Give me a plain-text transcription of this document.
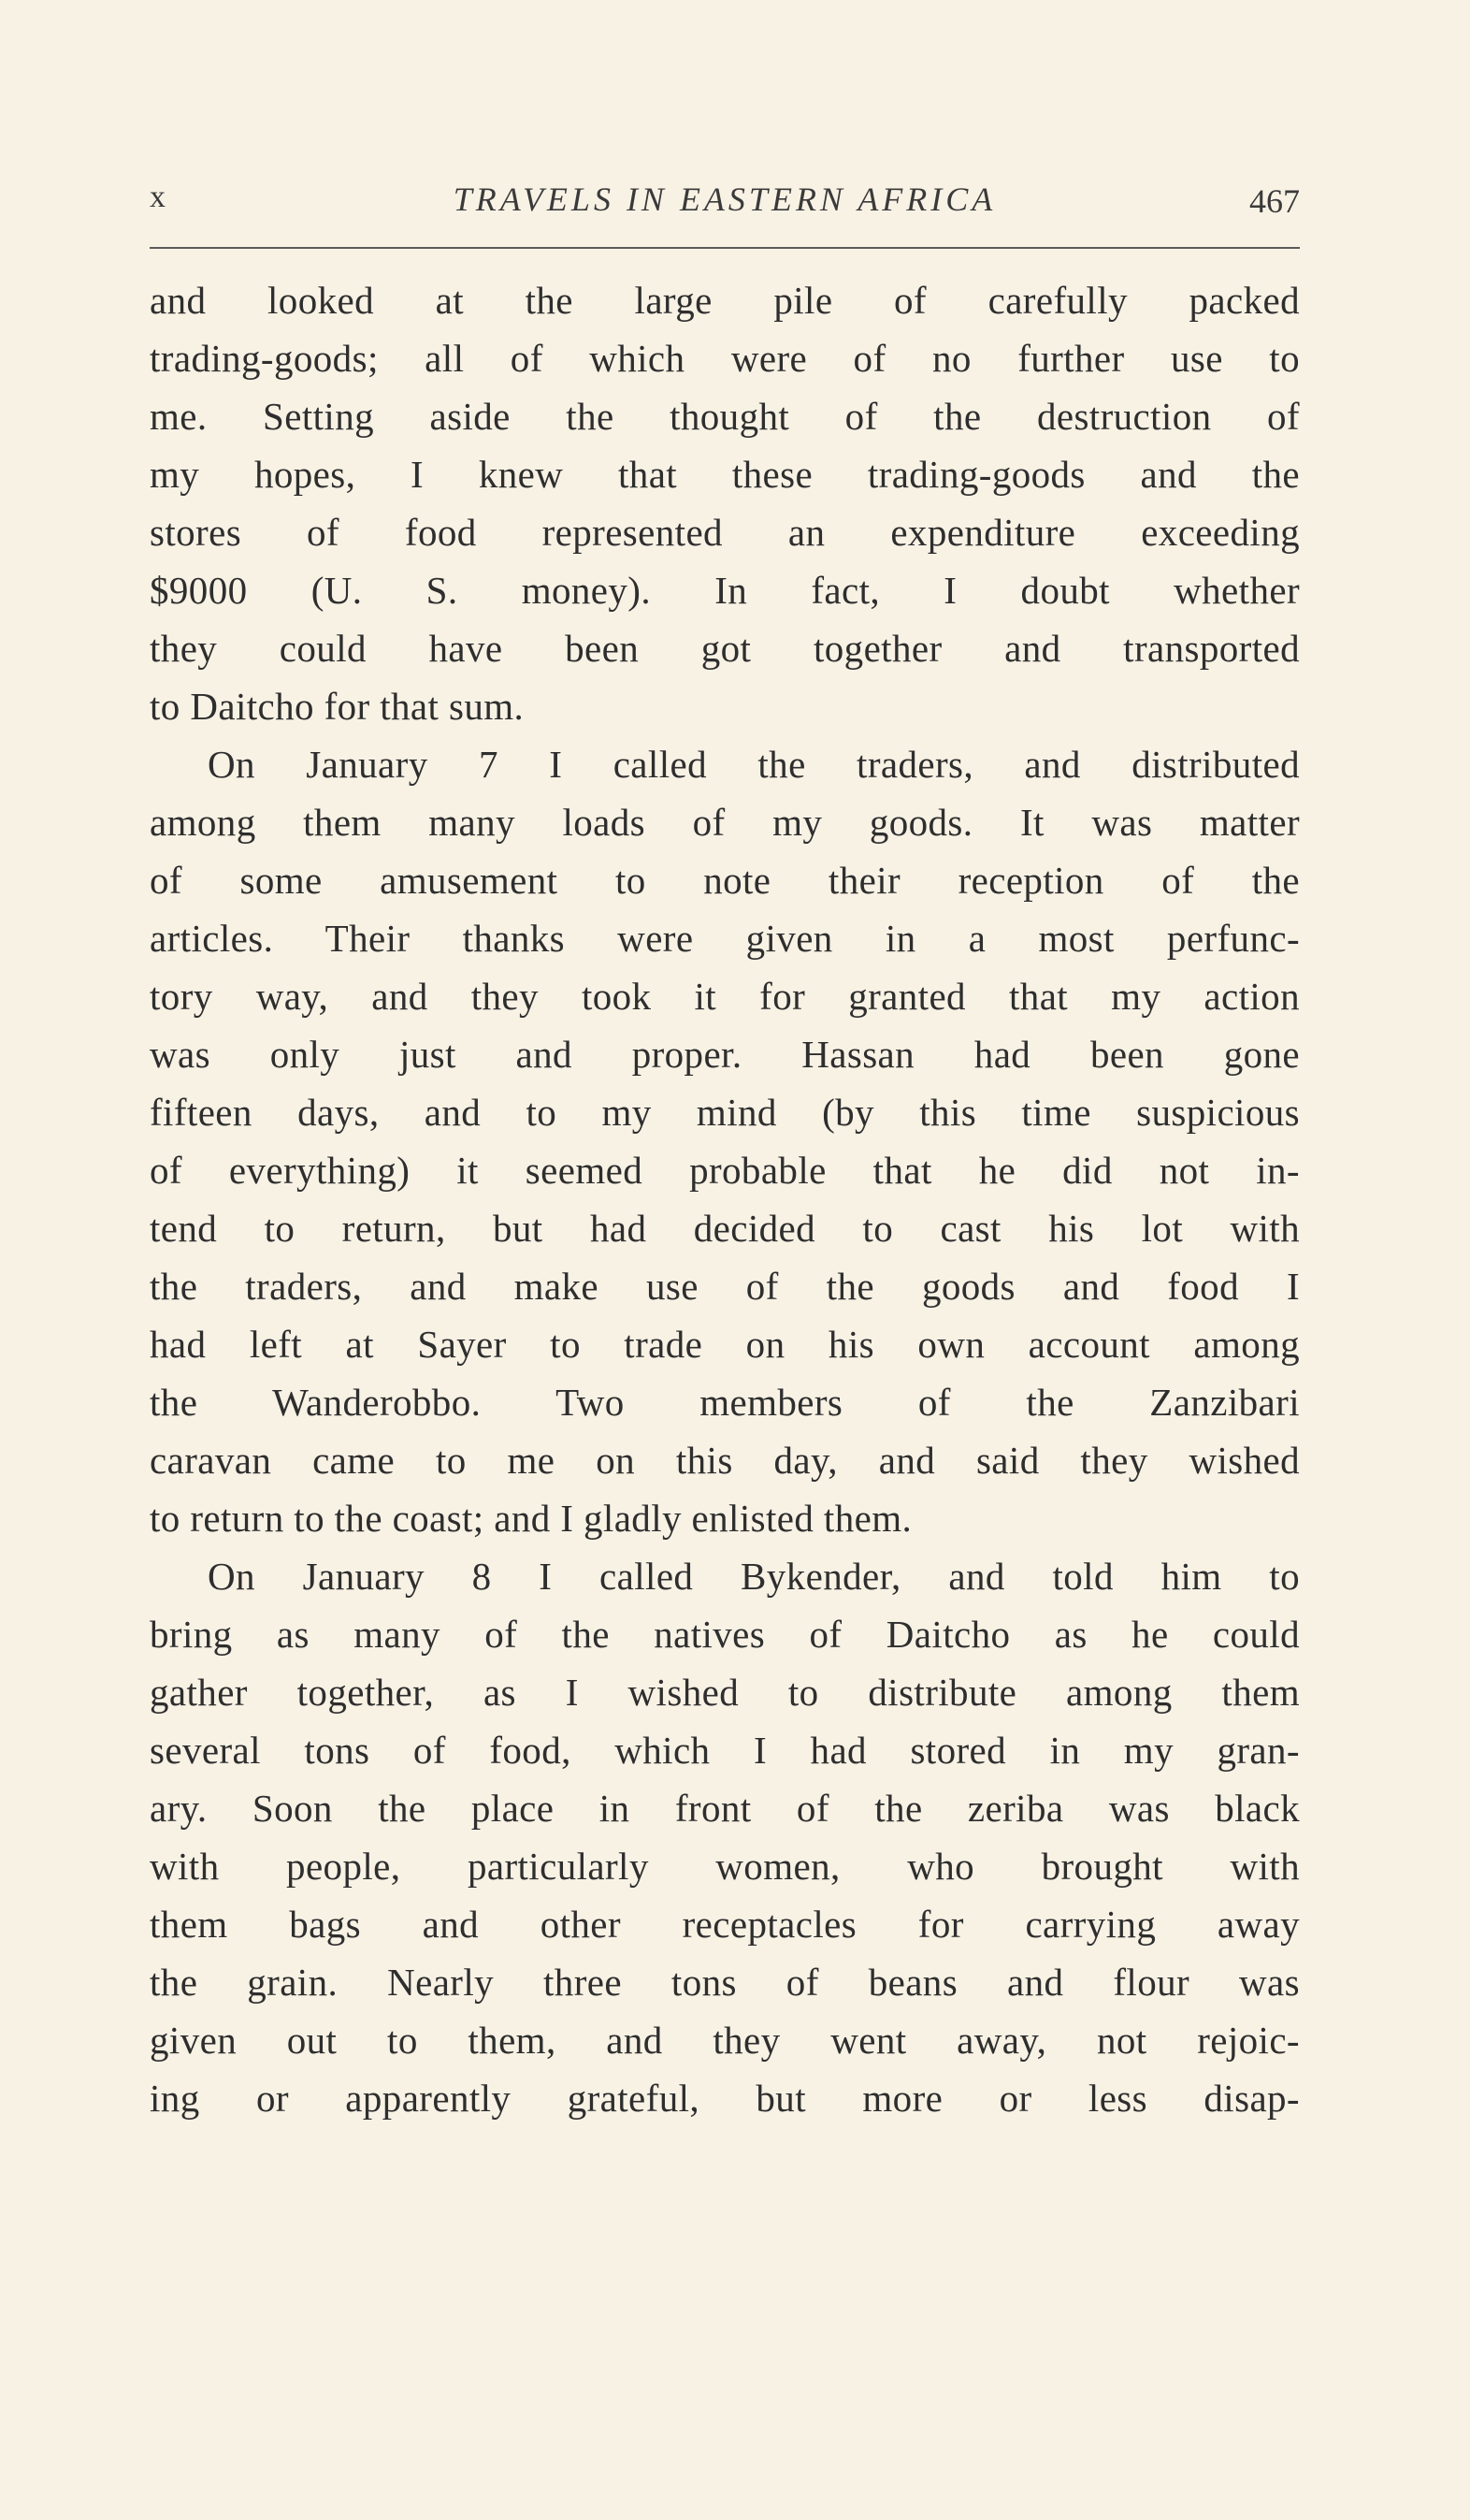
x	TRAVELS IN EASTERN AFRICA	467
and looked at the large pile of carefully packed
trading-goods; all of which were of no further use to
me. Setting aside the thought of the destruction of
my hopes, I knew that these trading-goods and the
stores of food represented an expenditure exceeding
$9000 (U. S. money). In fact, I doubt whether
they could have been got together and transported
to Daitcho for that sum.
On January 7 I called the traders, and distributed
among them many loads of my goods. It was matter
of some amusement to note their reception of the
articles. Their thanks were given in a most perfunc-
tory way, and they took it for granted that my action
was only just and proper. Hassan had been gone
fifteen days, and to my mind (by this time suspicious
of everything) it seemed probable that he did not in-
tend to return, but had decided to cast his lot with
the traders, and make use of the goods and food I
had left at Sayer to trade on his own account among
the Wanderobbo. Two members of the Zanzibari
caravan came to me on this day, and said they wished
to return to the coast; and I gladly enlisted them.
On January 8 I called Bykender, and told him to
bring as many of the natives of Daitcho as he could
gather together, as I wished to distribute among them
several tons of food, which I had stored in my gran-
ary. Soon the place in front of the zeriba was black
with people, particularly women, who brought with
them bags and other receptacles for carrying away
the grain. Nearly three tons of beans and flour was
given out to them, and they went away, not rejoic-
ing or apparently grateful, but more or less disap-
